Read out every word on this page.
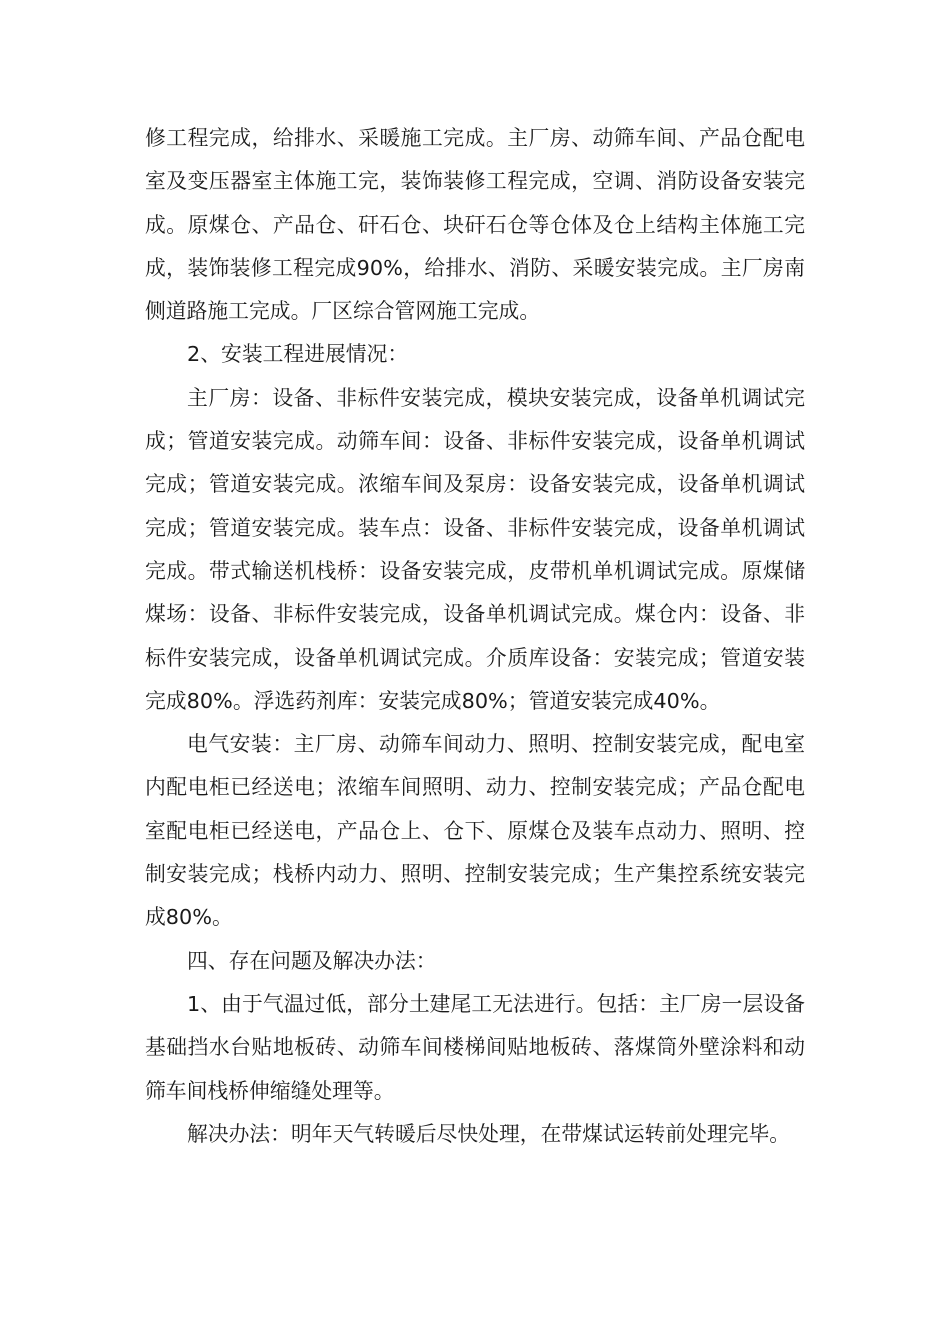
修工程完成，给排水、采暖施工完成。主厂房、动筛车间、产品仓配电室及变压器室主体施工完，装饰装修工程完成，空调、消防设备安装完成。原煤仓、产品仓、矸石仓、块矸石仓等仓体及仓上结构主体施工完成，装饰装修工程完成90%，给排水、消防、采暖安装完成。主厂房南侧道路施工完成。厂区综合管网施工完成。

2、安装工程进展情况：

主厂房：设备、非标件安装完成，模块安装完成，设备单机调试完成；管道安装完成。动筛车间：设备、非标件安装完成，设备单机调试完成；管道安装完成。浓缩车间及泵房：设备安装完成，设备单机调试完成；管道安装完成。装车点：设备、非标件安装完成，设备单机调试完成。带式输送机栈桥：设备安装完成，皮带机单机调试完成。原煤储煤场：设备、非标件安装完成，设备单机调试完成。煤仓内：设备、非标件安装完成，设备单机调试完成。介质库设备：安装完成；管道安装完成80%。浮选药剂库：安装完成80%；管道安装完成40%。

电气安装：主厂房、动筛车间动力、照明、控制安装完成，配电室内配电柜已经送电；浓缩车间照明、动力、控制安装完成；产品仓配电室配电柜已经送电，产品仓上、仓下、原煤仓及装车点动力、照明、控制安装完成；栈桥内动力、照明、控制安装完成；生产集控系统安装完成80%。

四、存在问题及解决办法：

1、由于气温过低，部分土建尾工无法进行。包括：主厂房一层设备基础挡水台贴地板砖、动筛车间楼梯间贴地板砖、落煤筒外壁涂料和动筛车间栈桥伸缩缝处理等。

解决办法：明年天气转暖后尽快处理，在带煤试运转前处理完毕。
